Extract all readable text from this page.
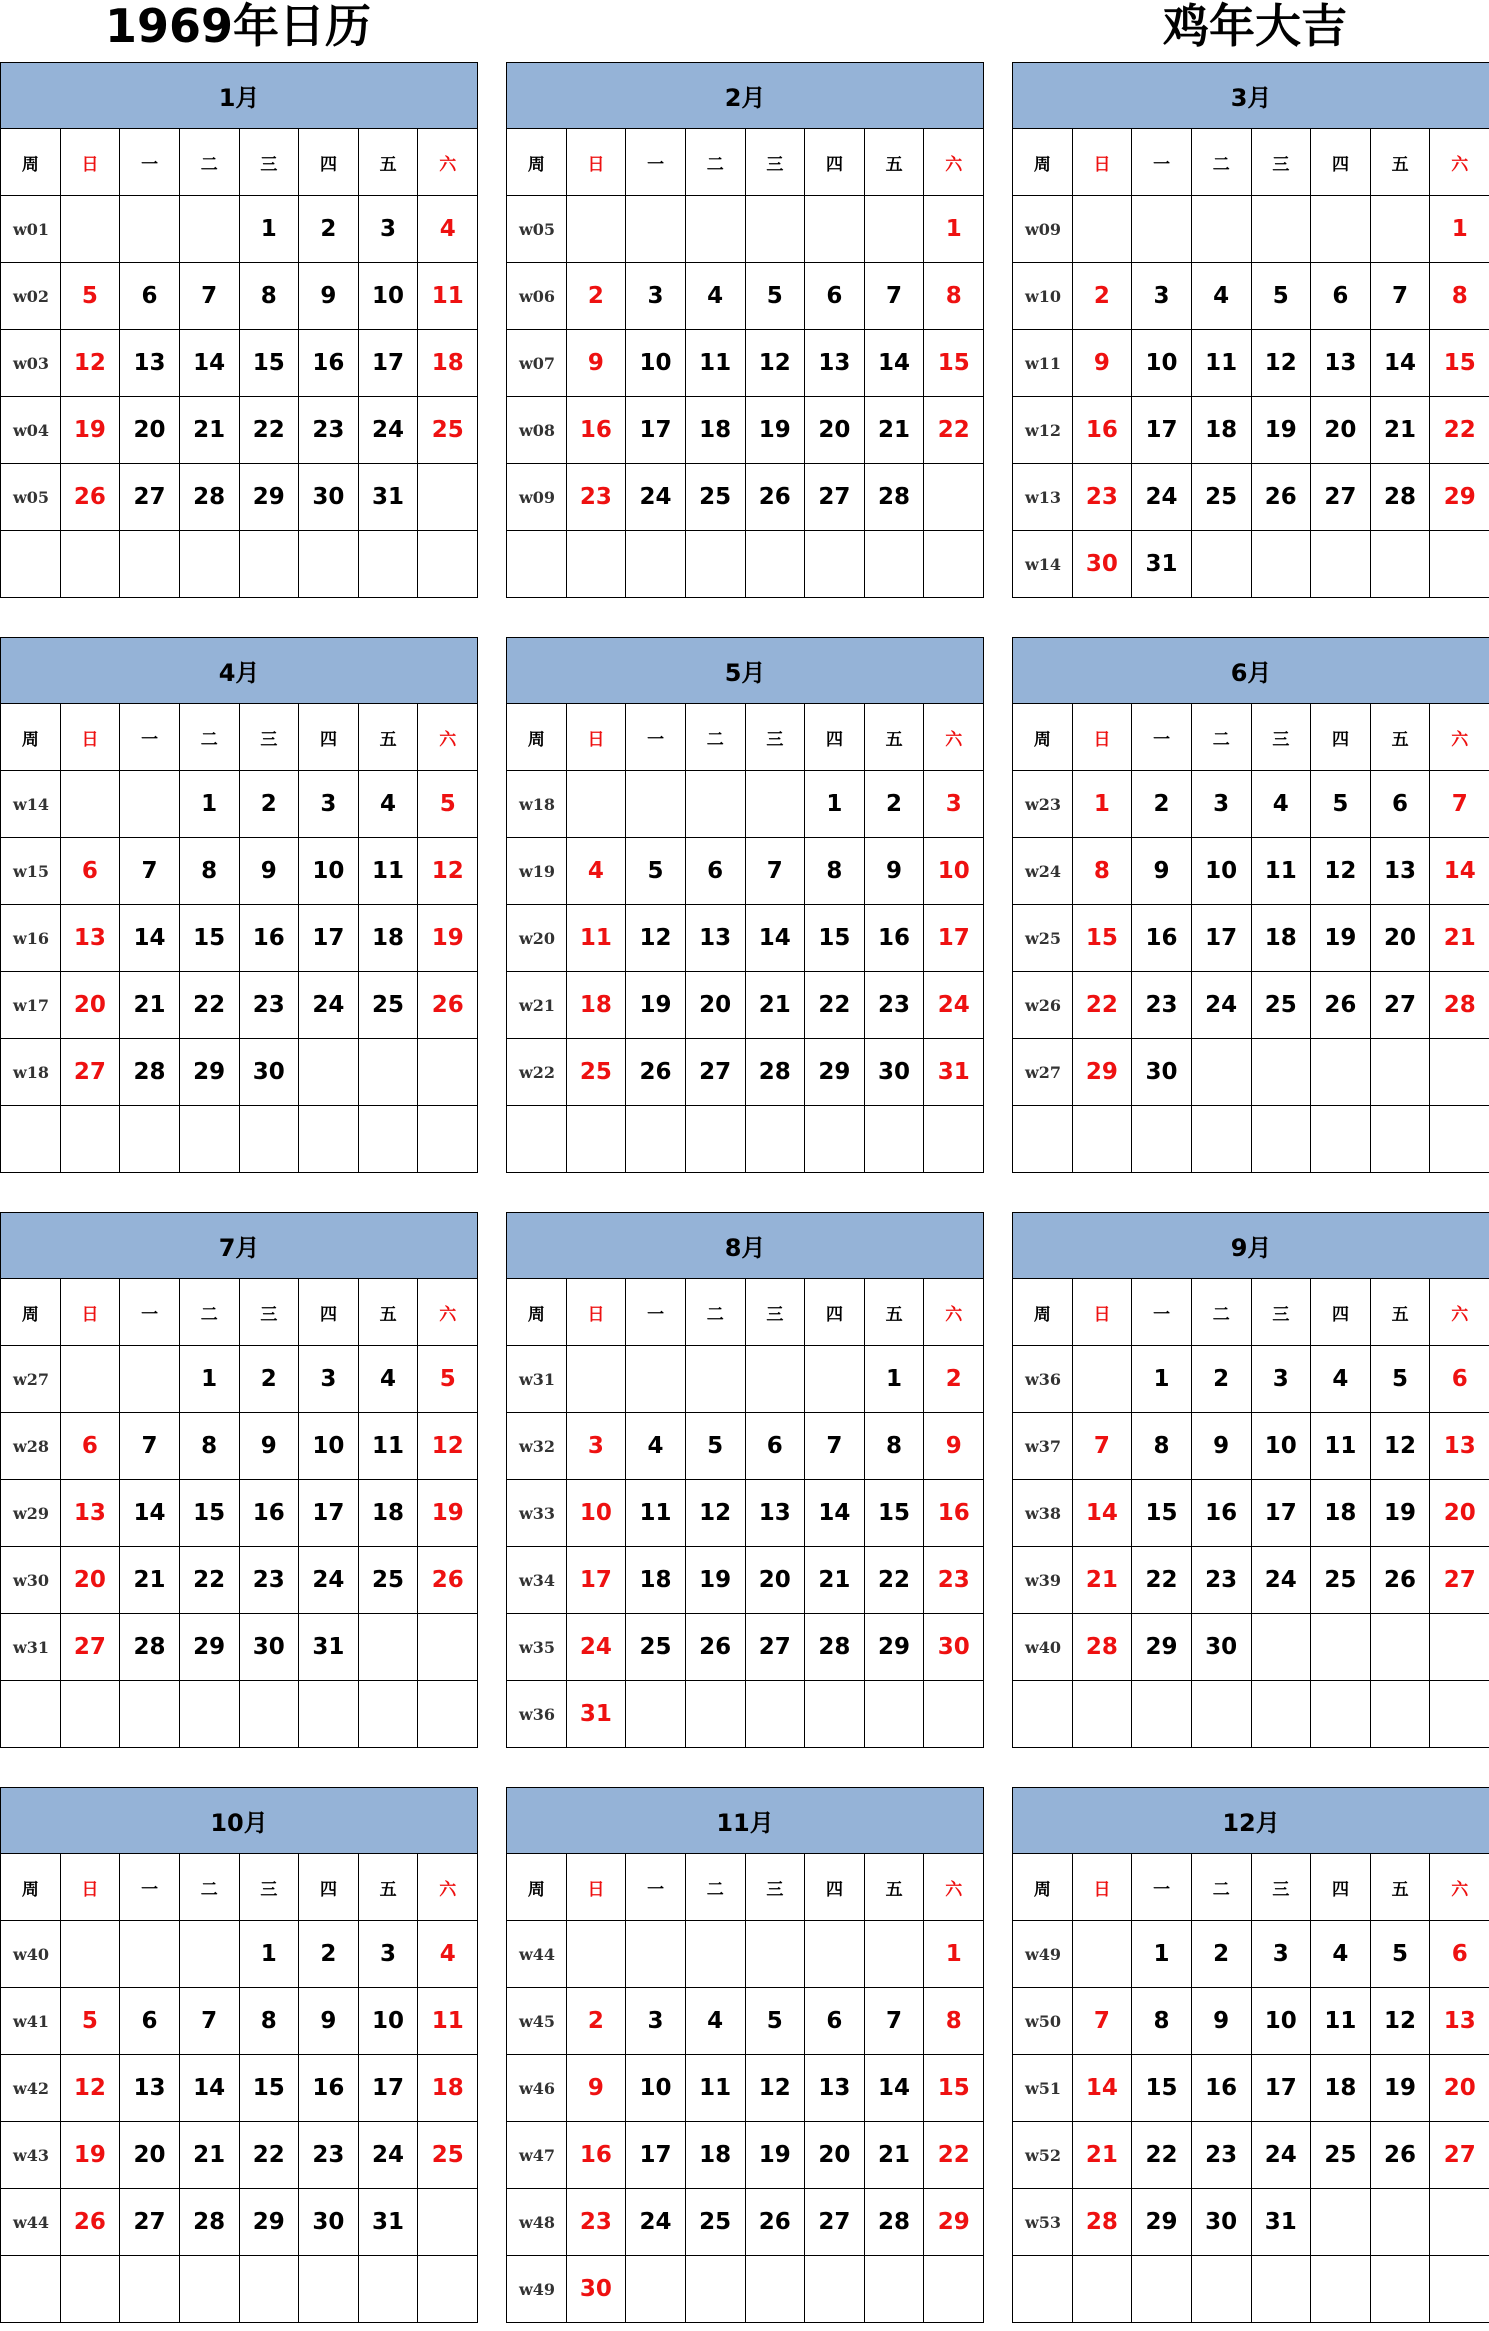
1969年日历	鸡年大吉
1月							
周	日	一	二	三	四	五	六
w01				1	2	3	4
w02	5	6	7	8	9	10	11
w03	12	13	14	15	16	17	18
w04	19	20	21	22	23	24	25
w05	26	27	28	29	30	31	

2月							
周	日	一	二	三	四	五	六
w05							1
w06	2	3	4	5	6	7	8
w07	9	10	11	12	13	14	15
w08	16	17	18	19	20	21	22
w09	23	24	25	26	27	28	

3月							
周	日	一	二	三	四	五	六
w09							1
w10	2	3	4	5	6	7	8
w11	9	10	11	12	13	14	15
w12	16	17	18	19	20	21	22
w13	23	24	25	26	27	28	29
w14	30	31					
4月							
周	日	一	二	三	四	五	六
w14			1	2	3	4	5
w15	6	7	8	9	10	11	12
w16	13	14	15	16	17	18	19
w17	20	21	22	23	24	25	26
w18	27	28	29	30			

5月							
周	日	一	二	三	四	五	六
w18					1	2	3
w19	4	5	6	7	8	9	10
w20	11	12	13	14	15	16	17
w21	18	19	20	21	22	23	24
w22	25	26	27	28	29	30	31

6月							
周	日	一	二	三	四	五	六
w23	1	2	3	4	5	6	7
w24	8	9	10	11	12	13	14
w25	15	16	17	18	19	20	21
w26	22	23	24	25	26	27	28
w27	29	30					

7月							
周	日	一	二	三	四	五	六
w27			1	2	3	4	5
w28	6	7	8	9	10	11	12
w29	13	14	15	16	17	18	19
w30	20	21	22	23	24	25	26
w31	27	28	29	30	31		

8月							
周	日	一	二	三	四	五	六
w31						1	2
w32	3	4	5	6	7	8	9
w33	10	11	12	13	14	15	16
w34	17	18	19	20	21	22	23
w35	24	25	26	27	28	29	30
w36	31						
9月							
周	日	一	二	三	四	五	六
w36		1	2	3	4	5	6
w37	7	8	9	10	11	12	13
w38	14	15	16	17	18	19	20
w39	21	22	23	24	25	26	27
w40	28	29	30				

10月							
周	日	一	二	三	四	五	六
w40				1	2	3	4
w41	5	6	7	8	9	10	11
w42	12	13	14	15	16	17	18
w43	19	20	21	22	23	24	25
w44	26	27	28	29	30	31	

11月							
周	日	一	二	三	四	五	六
w44							1
w45	2	3	4	5	6	7	8
w46	9	10	11	12	13	14	15
w47	16	17	18	19	20	21	22
w48	23	24	25	26	27	28	29
w49	30						
12月							
周	日	一	二	三	四	五	六
w49		1	2	3	4	5	6
w50	7	8	9	10	11	12	13
w51	14	15	16	17	18	19	20
w52	21	22	23	24	25	26	27
w53	28	29	30	31			
